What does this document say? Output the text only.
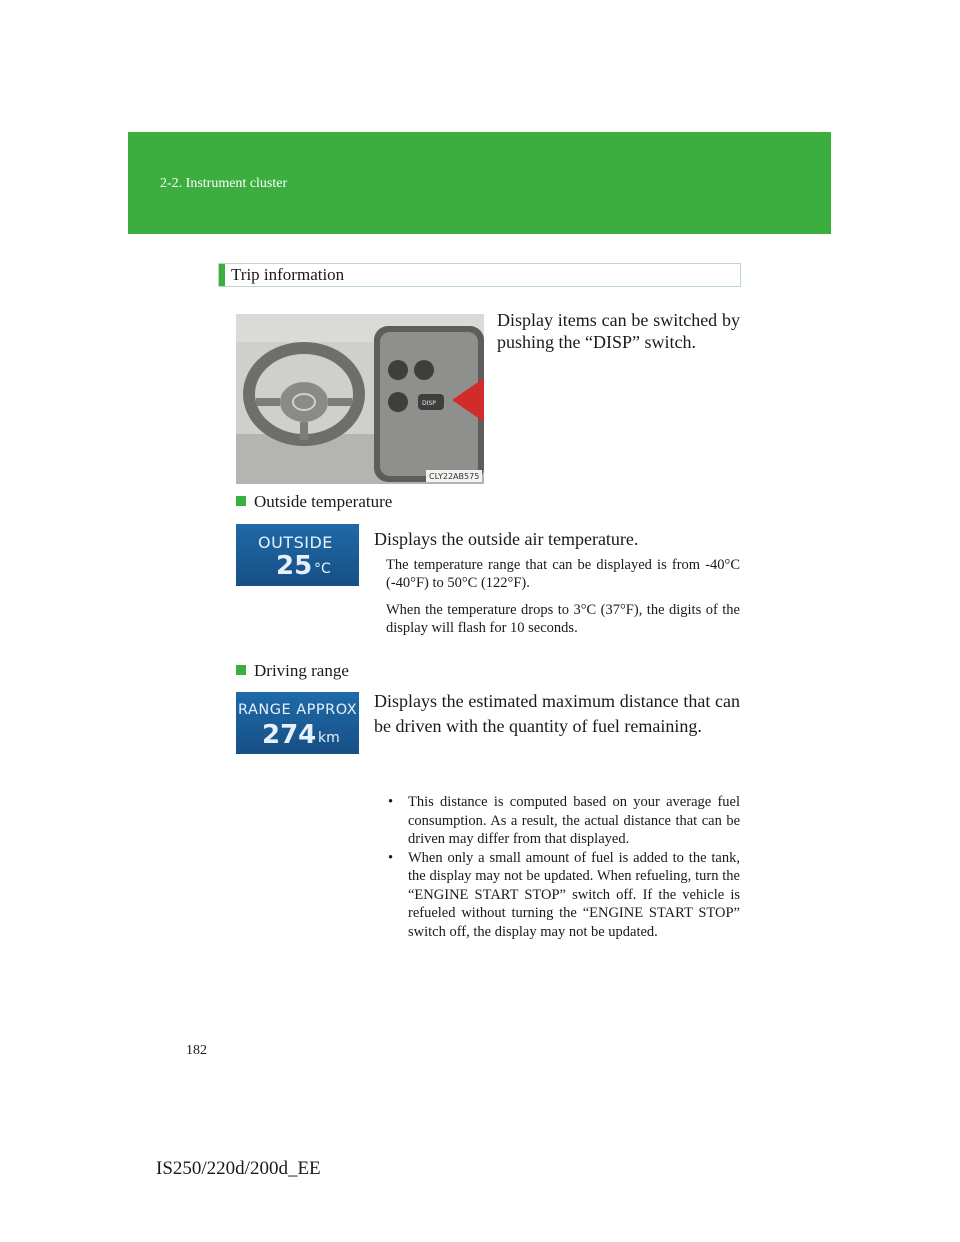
2-2. Instrument cluster
Trip information
CLY22AB575
DISP
Display items can be switched by pushing the “DISP” switch.
Outside temperature
OUTSIDE
25 °C
Displays the outside air temperature.
The temperature range that can be displayed is from -40°C (-40°F) to 50°C (122°F).
When the temperature drops to 3°C (37°F), the digits of the display will flash for 10 seconds.
Driving range
RANGE APPROX
274 km
Displays the estimated maximum distance that can be driven with the quantity of fuel remaining.
• This distance is computed based on your average fuel consumption. As a result, the actual distance that can be driven may differ from that displayed.
• When only a small amount of fuel is added to the tank, the display may not be updated. When refueling, turn the “ENGINE START STOP” switch off. If the vehicle is refueled without turning the “ENGINE START STOP” switch off, the display may not be updated.
182
IS250/220d/200d_EE
